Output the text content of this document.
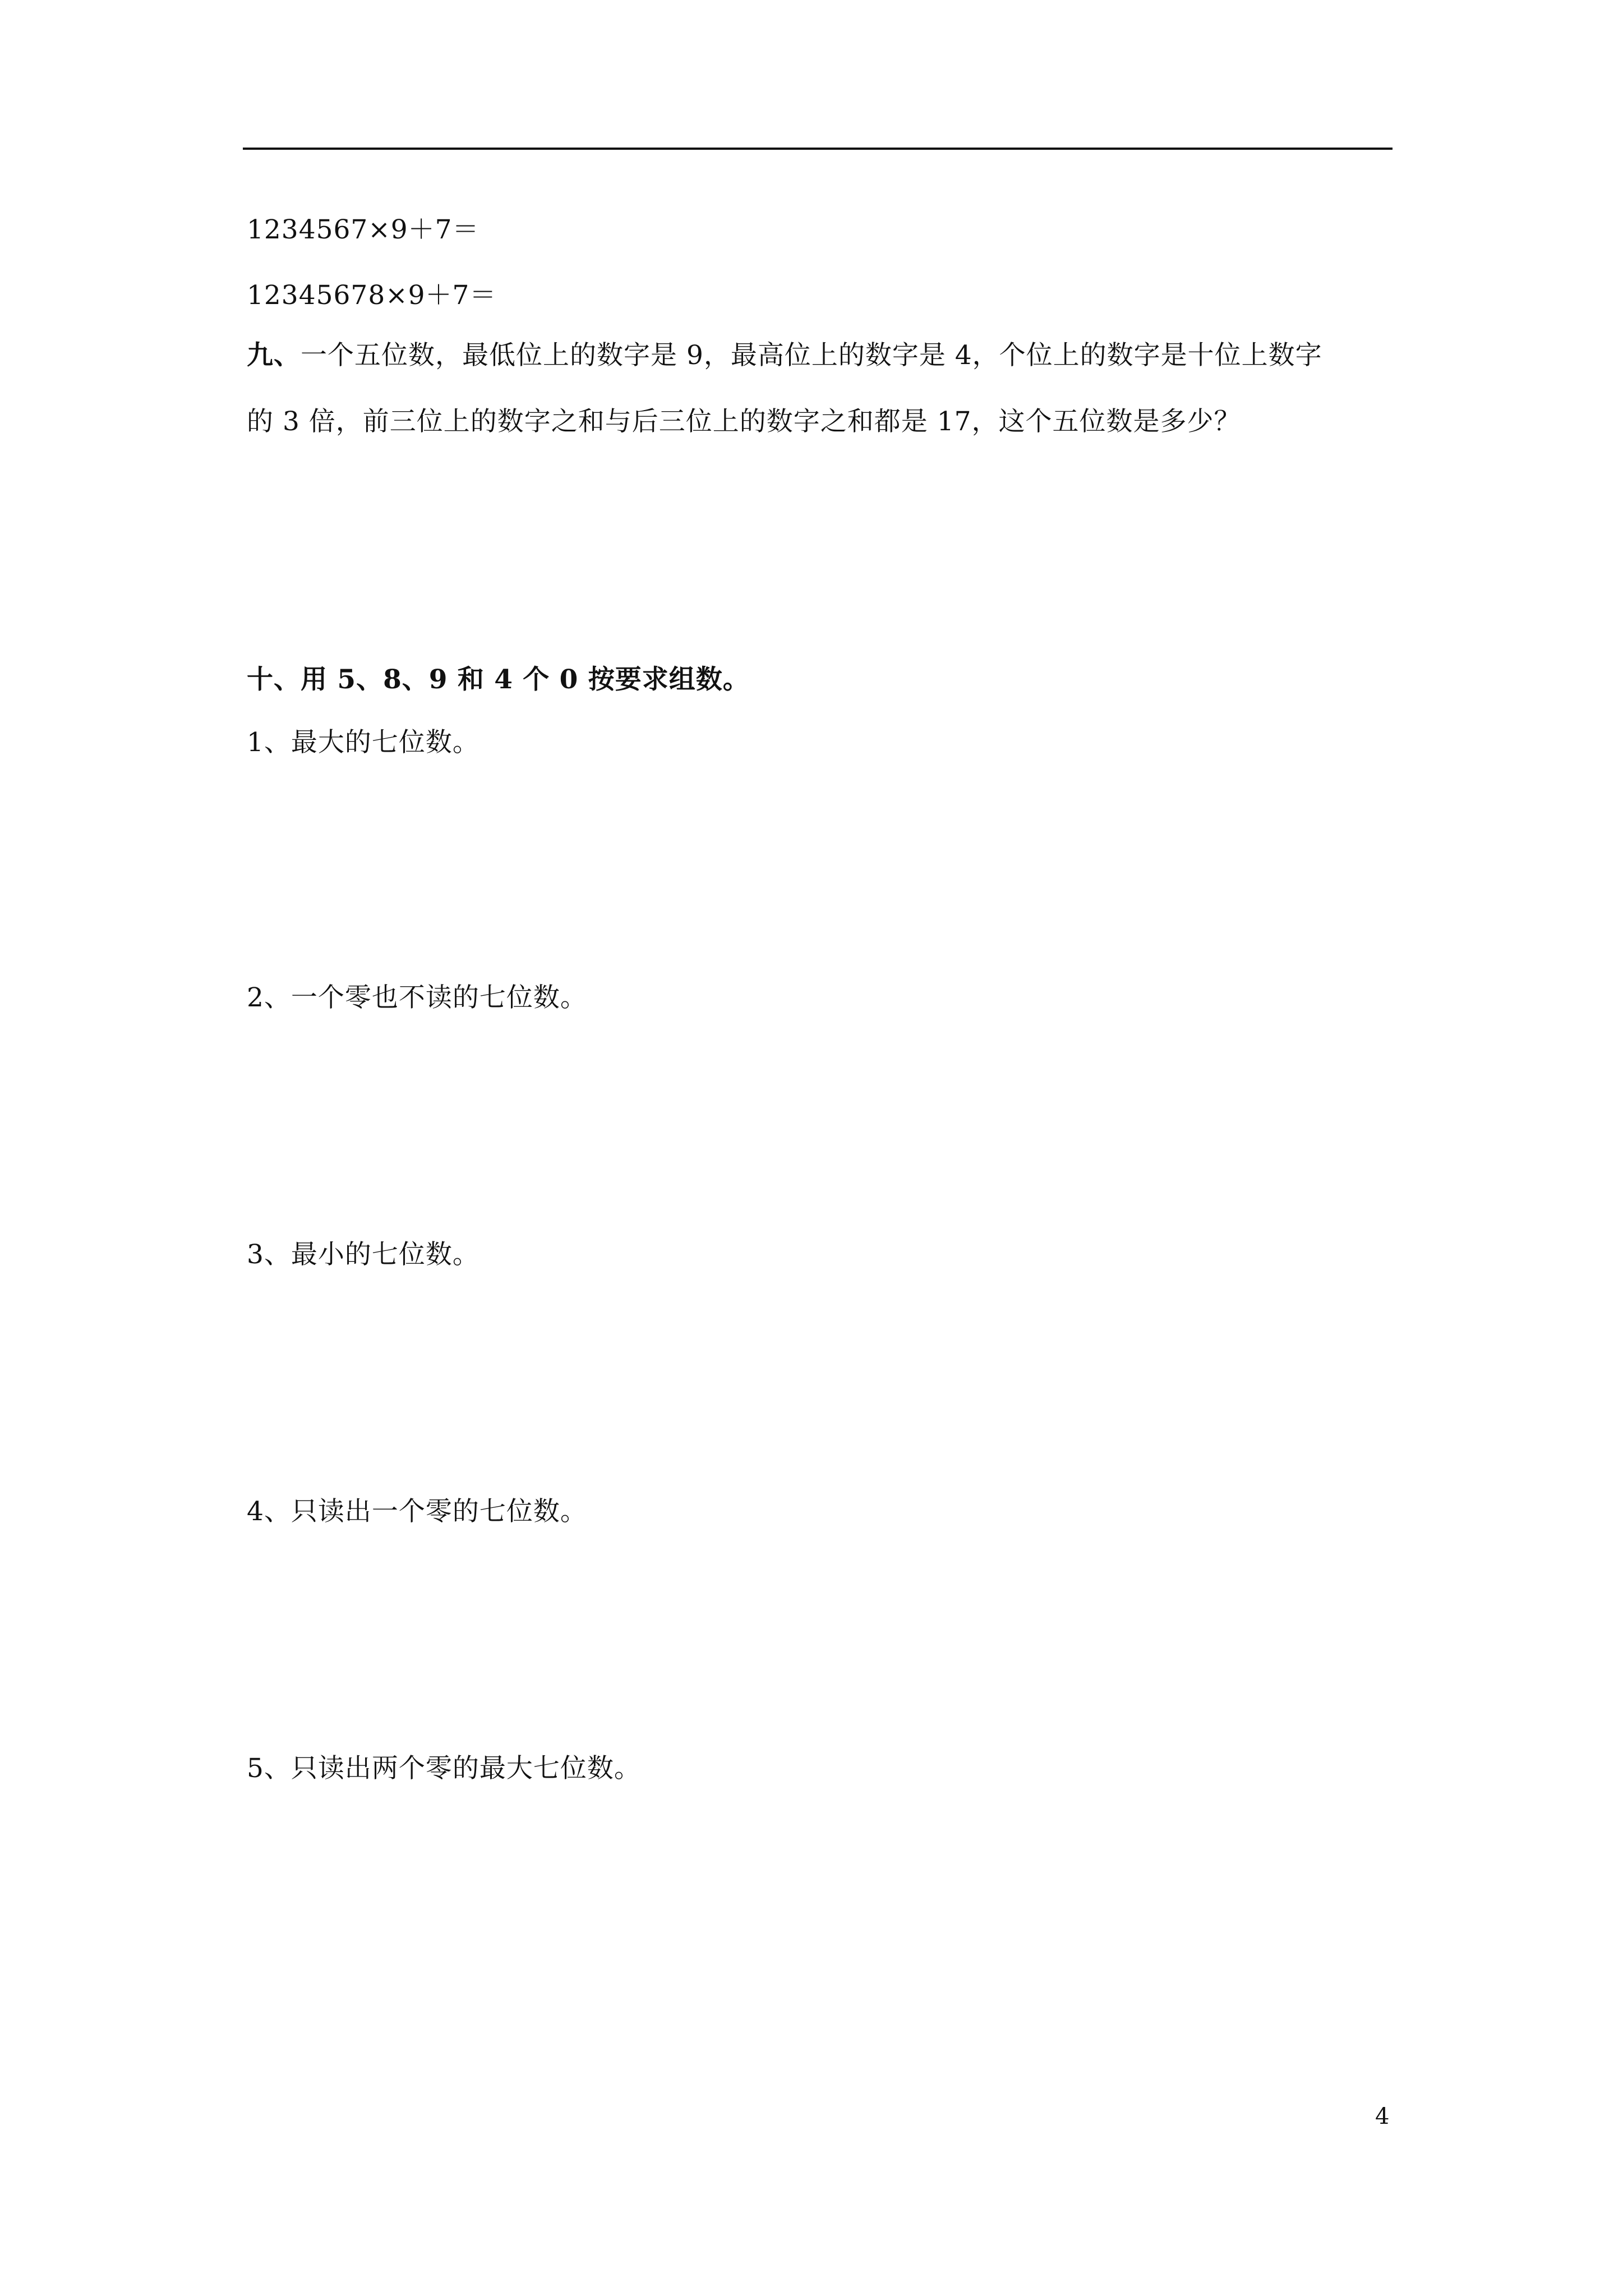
1234567×9＋7＝
12345678×9＋7＝
九、一个五位数，最低位上的数字是 9，最高位上的数字是 4，个位上的数字是十位上数字
的 3 倍，前三位上的数字之和与后三位上的数字之和都是 17，这个五位数是多少？
十、用 5、8、9 和 4 个 0 按要求组数。
1、最大的七位数。
2、一个零也不读的七位数。
3、最小的七位数。
4、只读出一个零的七位数。
5、只读出两个零的最大七位数。
4
